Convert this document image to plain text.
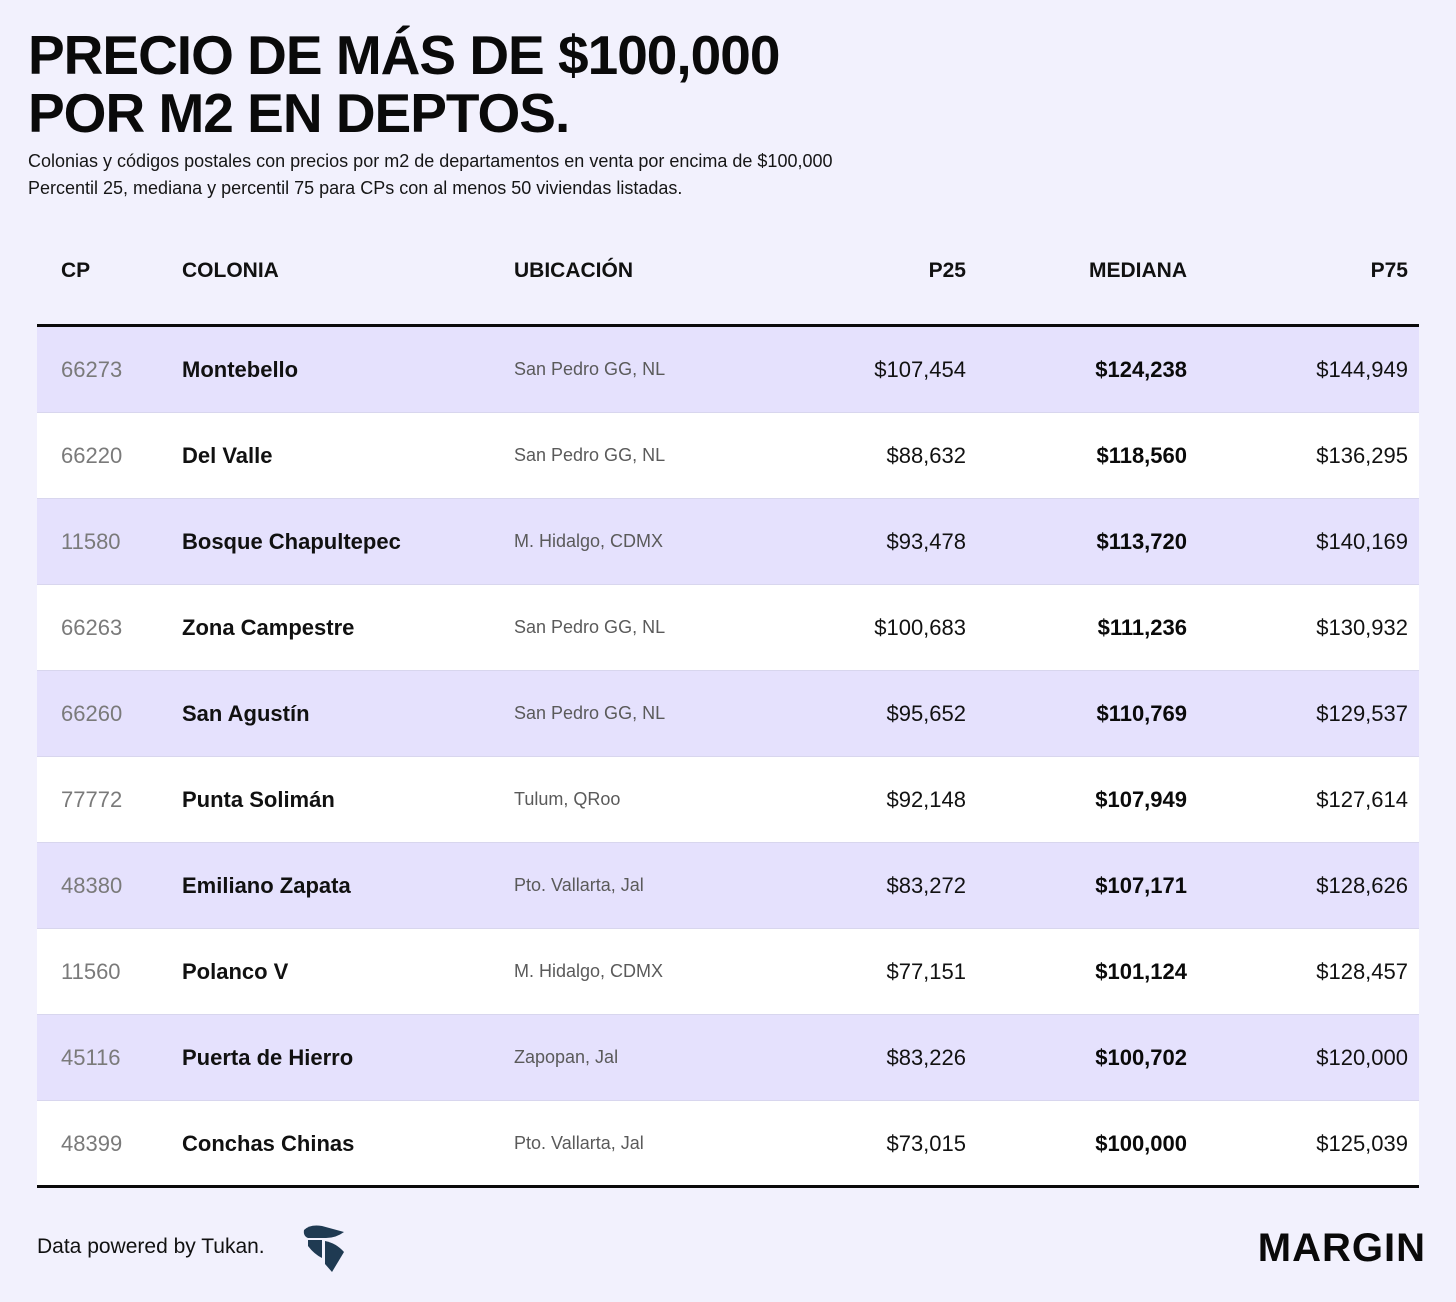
PRECIO DE MÁS DE $100,000
POR M2 EN DEPTOS.
Colonias y códigos postales con precios por m2 de departamentos en venta por encima de $100,000
Percentil 25, mediana y percentil 75 para CPs con al menos 50 viviendas listadas.
CP	COLONIA	UBICACIÓN	P25	MEDIANA	P75
66273	Montebello	San Pedro GG, NL	$107,454	$124,238	$144,949
66220	Del Valle	San Pedro GG, NL	$88,632	$118,560	$136,295
11580	Bosque Chapultepec	M. Hidalgo, CDMX	$93,478	$113,720	$140,169
66263	Zona Campestre	San Pedro GG, NL	$100,683	$111,236	$130,932
66260	San Agustín	San Pedro GG, NL	$95,652	$110,769	$129,537
77772	Punta Solimán	Tulum, QRoo	$92,148	$107,949	$127,614
48380	Emiliano Zapata	Pto. Vallarta, Jal	$83,272	$107,171	$128,626
11560	Polanco V	M. Hidalgo, CDMX	$77,151	$101,124	$128,457
45116	Puerta de Hierro	Zapopan, Jal	$83,226	$100,702	$120,000
48399	Conchas Chinas	Pto. Vallarta, Jal	$73,015	$100,000	$125,039
Data powered by Tukan.	MARGIN
